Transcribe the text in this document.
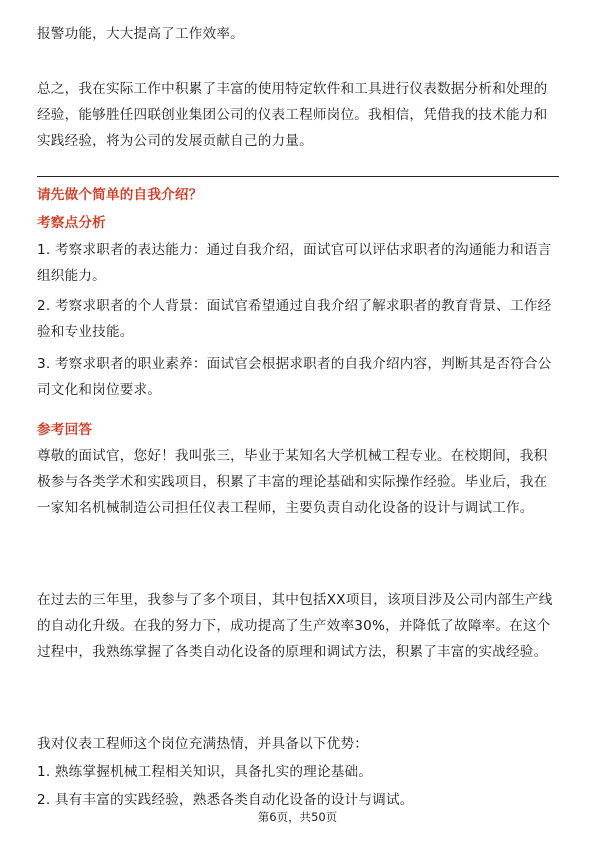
报警功能，大大提高了工作效率。

总之，我在实际工作中积累了丰富的使用特定软件和工具进行仪表数据分析和处理的经验，能够胜任四联创业集团公司的仪表工程师岗位。我相信，凭借我的技术能力和实践经验，将为公司的发展贡献自己的力量。

请先做个简单的自我介绍？
考察点分析

1. 考察求职者的表达能力：通过自我介绍，面试官可以评估求职者的沟通能力和语言组织能力。

2. 考察求职者的个人背景：面试官希望通过自我介绍了解求职者的教育背景、工作经验和专业技能。

3. 考察求职者的职业素养：面试官会根据求职者的自我介绍内容，判断其是否符合公司文化和岗位要求。

参考回答

尊敬的面试官，您好！我叫张三，毕业于某知名大学机械工程专业。在校期间，我积极参与各类学术和实践项目，积累了丰富的理论基础和实际操作经验。毕业后，我在一家知名机械制造公司担任仪表工程师，主要负责自动化设备的设计与调试工作。

在过去的三年里，我参与了多个项目，其中包括XX项目，该项目涉及公司内部生产线的自动化升级。在我的努力下，成功提高了生产效率30%，并降低了故障率。在这个过程中，我熟练掌握了各类自动化设备的原理和调试方法，积累了丰富的实战经验。

我对仪表工程师这个岗位充满热情，并具备以下优势：
1. 熟练掌握机械工程相关知识，具备扎实的理论基础。
2. 具有丰富的实践经验，熟悉各类自动化设备的设计与调试。
第6页，共50页
